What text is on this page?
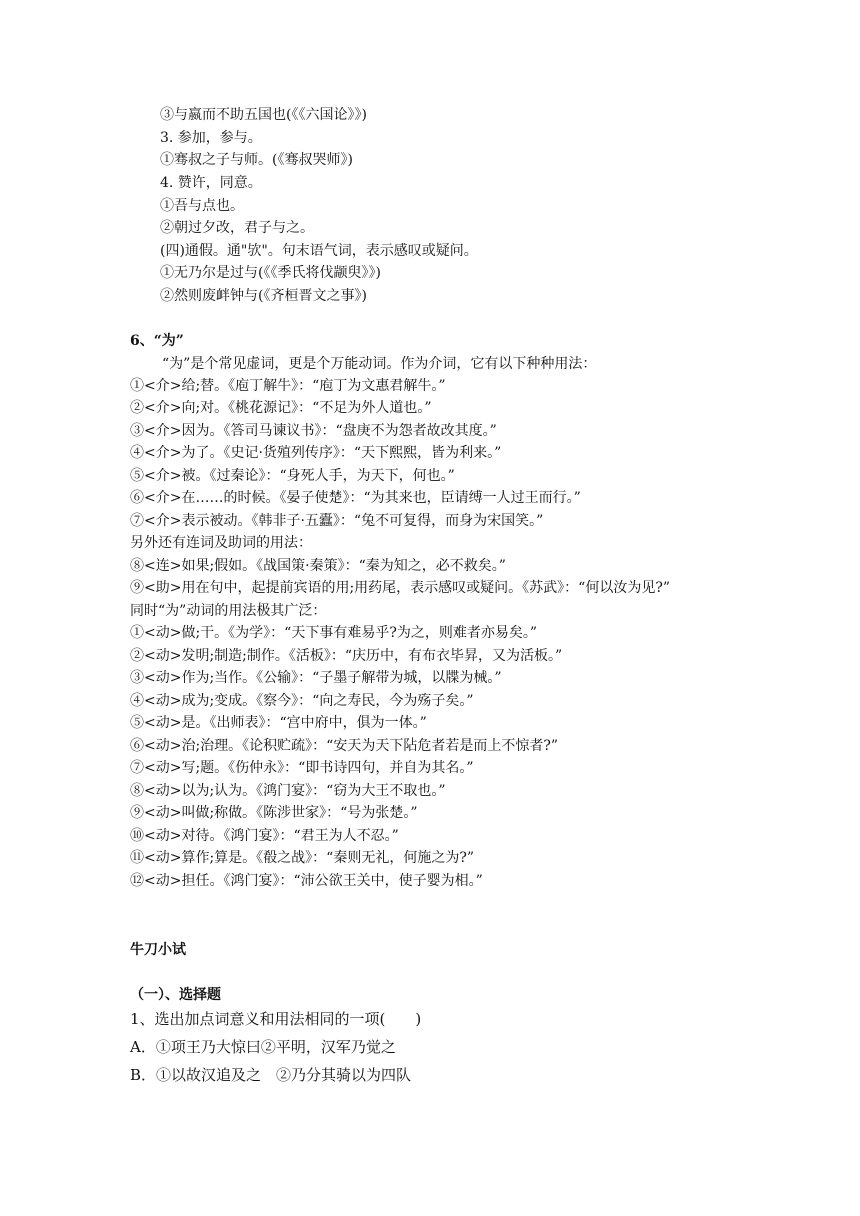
③与嬴而不助五国也(《《六国论》》)
3. 参加，参与。
①骞叔之子与师。(《骞叔哭师》)
4. 赞许，同意。
①吾与点也。
②朝过夕改，君子与之。
(四)通假。通"欤"。句末语气词，表示感叹或疑问。
①无乃尔是过与(《《季氏将伐颛臾》》)
②然则废衅钟与(《齐桓晋文之事》)
6、“为”
“为”是个常见虚词，更是个万能动词。作为介词，它有以下种种用法：
①<介>给;替。《庖丁解牛》：“庖丁为文惠君解牛。”
②<介>向;对。《桃花源记》：“不足为外人道也。”
③<介>因为。《答司马谏议书》：“盘庚不为怨者故改其度。”
④<介>为了。《史记·货殖列传序》：“天下熙熙，皆为利来。”
⑤<介>被。《过秦论》：“身死人手，为天下，何也。”
⑥<介>在……的时候。《晏子使楚》：“为其来也，臣请缚一人过王而行。”
⑦<介>表示被动。《韩非子·五蠹》：“兔不可复得，而身为宋国笑。”
另外还有连词及助词的用法：
⑧<连>如果;假如。《战国策·秦策》：“秦为知之，必不救矣。”
⑨<助>用在句中，起提前宾语的用;用药尾，表示感叹或疑问。《苏武》：“何以汝为见?”
同时“为”动词的用法极其广泛：
①<动>做;干。《为学》：“天下事有难易乎?为之，则难者亦易矣。”
②<动>发明;制造;制作。《活板》：“庆历中，有布衣毕昇，又为活板。”
③<动>作为;当作。《公输》：“子墨子解带为城，以牒为械。”
④<动>成为;变成。《察今》：“向之寿民，今为殇子矣。”
⑤<动>是。《出师表》：“宫中府中，俱为一体。”
⑥<动>治;治理。《论积贮疏》：“安天为天下阽危者若是而上不惊者?”
⑦<动>写;题。《伤仲永》：“即书诗四句，并自为其名。”
⑧<动>以为;认为。《鸿门宴》：“窃为大王不取也。”
⑨<动>叫做;称做。《陈涉世家》：“号为张楚。”
⑩<动>对待。《鸿门宴》：“君王为人不忍。”
⑪<动>算作;算是。《殽之战》：“秦则无礼，何施之为?”
⑫<动>担任。《鸿门宴》：“沛公欲王关中，使子婴为相。”
牛刀小试
（一）、选择题
1、选出加点词意义和用法相同的一项(　　)
A．①项王乃大惊曰②平明，汉军乃觉之
B．①以故汉追及之　②乃分其骑以为四队
